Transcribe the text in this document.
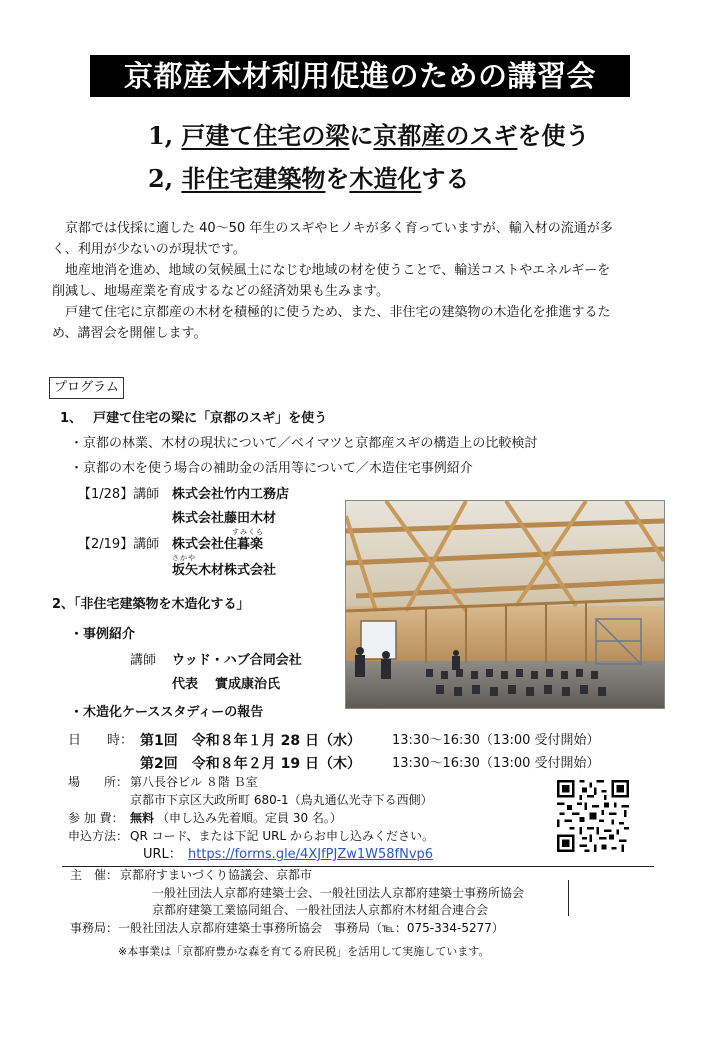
京都産木材利用促進のための講習会
1, 戸建て住宅の梁に京都産のスギを使う
2, 非住宅建築物を木造化する
　京都では伐採に適した 40～50 年生のスギやヒノキが多く育っていますが、輸入材の流通が多
く、利用が少ないのが現状です。
　地産地消を進め、地域の気候風土になじむ地域の材を使うことで、輸送コストやエネルギーを
削減し、地場産業を育成するなどの経済効果も生みます。
　戸建て住宅に京都産の木材を積極的に使うため、また、非住宅の建築物の木造化を推進するた
め、講習会を開催します。
プログラム
1、　 戸建て住宅の梁に「京都のスギ」を使う
・京都の林業、木材の現状について／ベイマツと京都産スギの構造上の比較検討
・京都の木を使う場合の補助金の活用等について／木造住宅事例紹介
【1/28】講師 株式会社竹内工務店
株式会社藤田木材
すみくら
【2/19】講師 株式会社住暮楽
さかや
坂矢木材株式会社
2、「非住宅建築物を木造化する」
・事例紹介
講師 ウッド・ハブ合同会社
代表 實成康治氏
・木造化ケーススタディーの報告
日　　時： 第1回　令和８年１月 28 日（水） 13:30～16:30（13:00 受付開始）
第2回　令和８年２月 19 日（木） 13:30～16:30（13:00 受付開始）
場　　所： 第八長谷ビル ８階 Ｂ室
京都市下京区大政所町 680-1（鳥丸通仏光寺下る西側）
参 加 費： 無料 （申し込み先着順。定員 30 名。）
申込方法： QR コード、または下記 URL からお申し込みください。
URL： https://forms.gle/4XJfPJZw1W58fNvp6
主　催： 京都府すまいづくり協議会、京都市
一般社団法人京都府建築士会、一般社団法人京都府建築士事務所協会
京都府建築工業協同組合、一般社団法人京都府木材組合連合会
事務局：一般社団法人京都府建築士事務所協会　事務局（℡：075-334-5277）
※本事業は「京都府豊かな森を育てる府民税」を活用して実施しています。
